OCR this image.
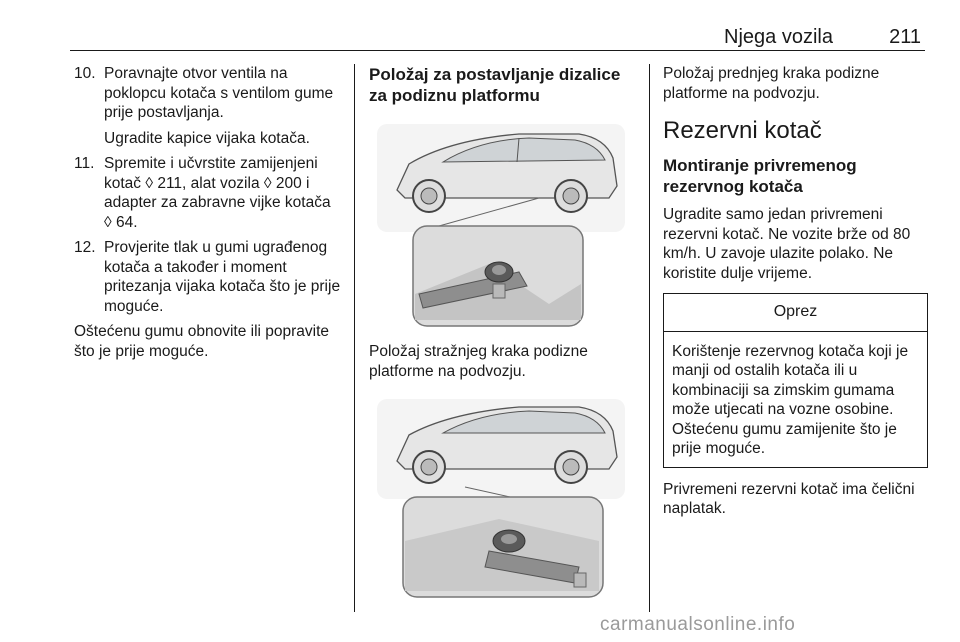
Njega vozila	211
10. Poravnajte otvor ventila na poklopcu kotača s ventilom gume prije postavljanja.

Ugradite kapice vijaka kotača.

11. Spremite i učvrstite zamijenjeni kotač ◊ 211, alat vozila ◊ 200 i adapter za zabravne vijke kotača ◊ 64.

12. Provjerite tlak u gumi ugrađenog kotača a također i moment pritezanja vijaka kotača što je prije moguće.

Oštećenu gumu obnovite ili popravite što je prije moguće.

Položaj za postavljanje dizalice za podiznu platformu

Položaj stražnjeg kraka podizne platforme na podvozju.

Položaj prednjeg kraka podizne platforme na podvozju.

Rezervni kotač

Montiranje privremenog rezervnog kotača

Ugradite samo jedan privremeni rezervni kotač. Ne vozite brže od 80 km/h. U zavoje ulazite polako. Ne koristite dulje vrijeme.

Oprez
Korištenje rezervnog kotača koji je manji od ostalih kotača ili u kombinaciji sa zimskim gumama može utjecati na vozne osobine. Oštećenu gumu zamijenite što je prije moguće.

Privremeni rezervni kotač ima čelični naplatak.

carmanualsonline.info
